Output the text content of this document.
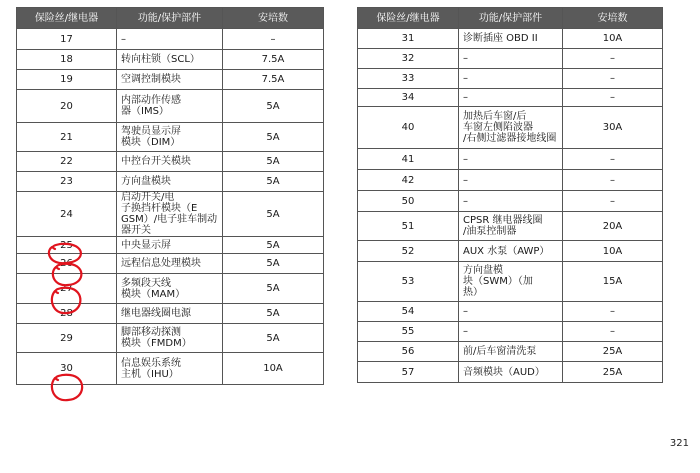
保险丝/继电器	功能/保护部件	安培数
17	–	–
18	转向柱锁（SCL）	7.5A
19	空调控制模块	7.5A
20	内部动作传感
器（IMS）	5A
21	驾驶员显示屏
模块（DIM）	5A
22	中控台开关模块	5A
23	方向盘模块	5A
24	启动开关/电
子换挡杆模块（E
GSM）/电子驻车制动器开关	5A
25	中央显示屏	5A
26	远程信息处理模块	5A
27	多频段天线
模块（MAM）	5A
28	继电器线圈电源	5A
29	脚部移动探测
模块（FMDM）	5A
30	信息娱乐系统
主机（IHU）	10A
保险丝/继电器	功能/保护部件	安培数
31	诊断插座 OBD II	10A
32	–	–
33	–	–
34	–	–
40	加热后车窗/后
车窗左侧陷波器
/右侧过滤器接地线圈	30A
41	–	–
42	–	–
50	–	–
51	CPSR 继电器线圈
/油泵控制器	20A
52	AUX 水泵（AWP）	10A
53	方向盘模
块（SWM）（加
热）	15A
54	–	–
55	–	–
56	前/后车窗清洗泵	25A
57	音频模块（AUD）	25A
321
